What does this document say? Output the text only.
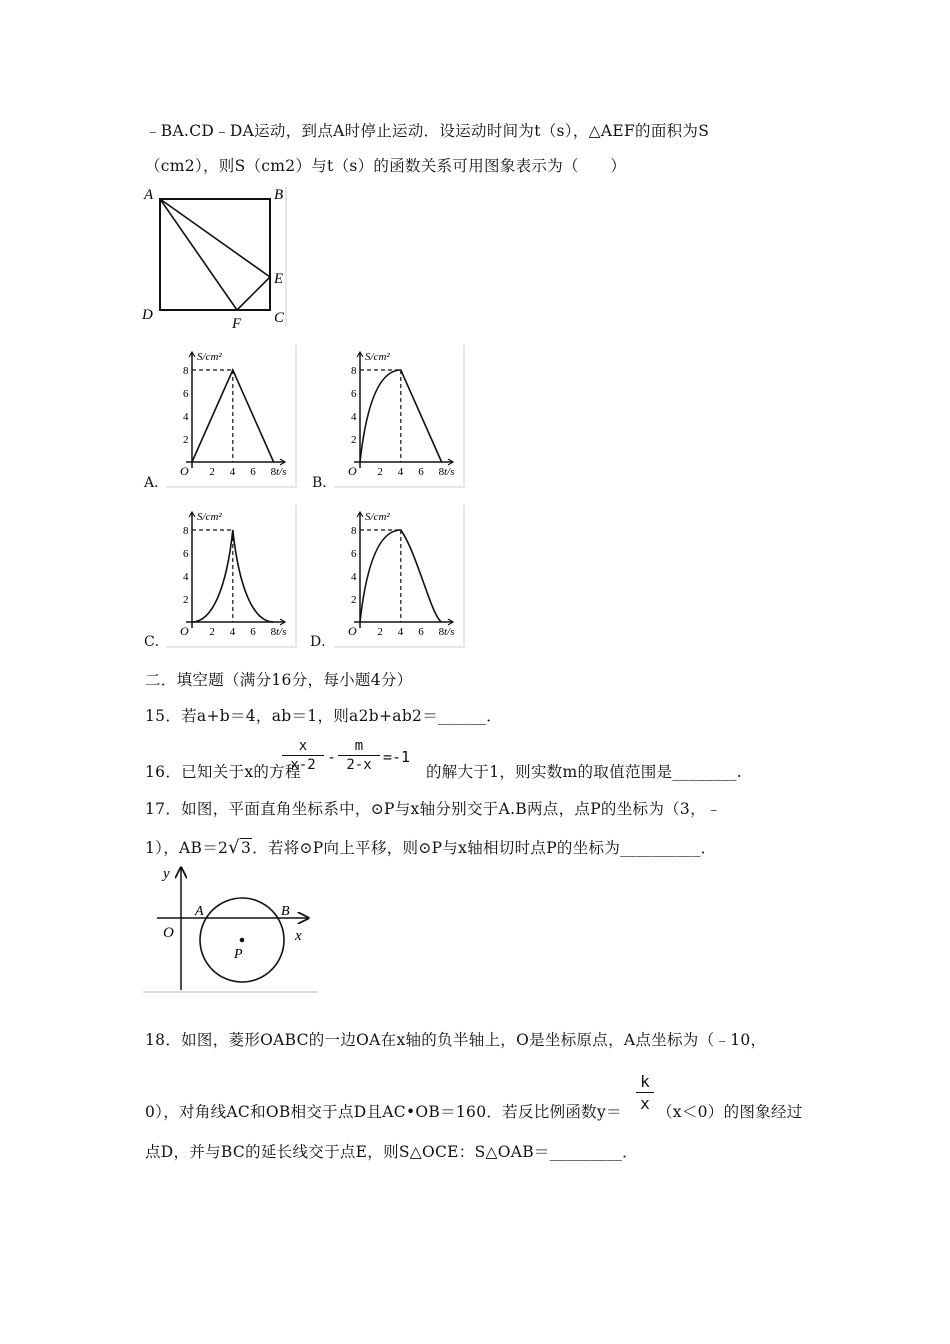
﹣BA.CD﹣DA运动，到点A时停止运动．设运动时间为t（s），△AEF的面积为S
（cm2），则S（cm2）与t（s）的函数关系可用图象表示为（　　）
A	B
E
D	C
F
A．
S/cm²
t/s
O 2 4 6 8
2
4
6
8
B．
S/cm²
t/s
O 2 4 6 8
2
4
6
8
C．
S/cm²
t/s
O 2 4 6 8
2
4
6
8
D．
S/cm²
t/s
O 2 4 6 8
2
4
6
8
二．填空题（满分16分，每小题4分）
15．若a+b＝4，ab＝1，则a2b+ab2＝______．
16．已知关于x的方程
x
x-2 -
m
2-x =-1
的解大于1，则实数m的取值范围是________.
17．如图，平面直角坐标系中，⊙P与x轴分别交于A.B两点，点P的坐标为（3，﹣
1），AB＝2√3．若将⊙P向上平移，则⊙P与x轴相切时点P的坐标为__________．
y
x
O
A	B
P
18．如图，菱形OABC的一边OA在x轴的负半轴上，O是坐标原点，A点坐标为（﹣10，
0），对角线AC和OB相交于点D且AC•OB＝160．若反比例函数y＝
k
x （x＜0）的图象经过
点D，并与BC的延长线交于点E，则S△OCE：S△OAB＝_________．
